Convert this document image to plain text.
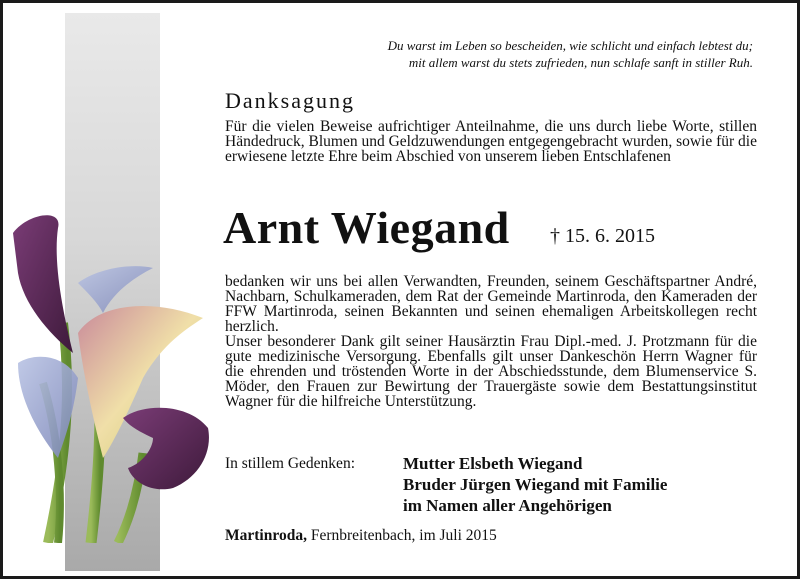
Du warst im Leben so bescheiden, wie schlicht und einfach lebtest du;
mit allem warst du stets zufrieden, nun schlafe sanft in stiller Ruh.
Danksagung
Für die vielen Beweise aufrichtiger Anteilnahme, die uns durch liebe Worte, stillen Händedruck, Blumen und Geldzuwendungen entgegengebracht wurden, sowie für die erwiesene letzte Ehre beim Abschied von unserem lieben Entschlafenen
Arnt Wiegand † 15. 6. 2015

bedanken wir uns bei allen Verwandten, Freunden, seinem Geschäftspartner André, Nachbarn, Schulkameraden, dem Rat der Gemeinde Martinroda, den Kameraden der FFW Martinroda, seinen Bekannten und seinen ehemaligen Arbeitskollegen recht herzlich.

Unser besonderer Dank gilt seiner Hausärztin Frau Dipl.-med. J. Protzmann für die gute medizinische Versorgung. Ebenfalls gilt unser Dankeschön Herrn Wagner für die ehrenden und tröstenden Worte in der Abschiedsstunde, dem Blumenservice S. Möder, den Frauen zur Bewirtung der Trauergäste sowie dem Bestattungsinstitut Wagner für die hilfreiche Unterstützung.

In stillem Gedenken:	Mutter Elsbeth Wiegand
Bruder Jürgen Wiegand mit Familie
im Namen aller Angehörigen
Martinroda, Fernbreitenbach, im Juli 2015
